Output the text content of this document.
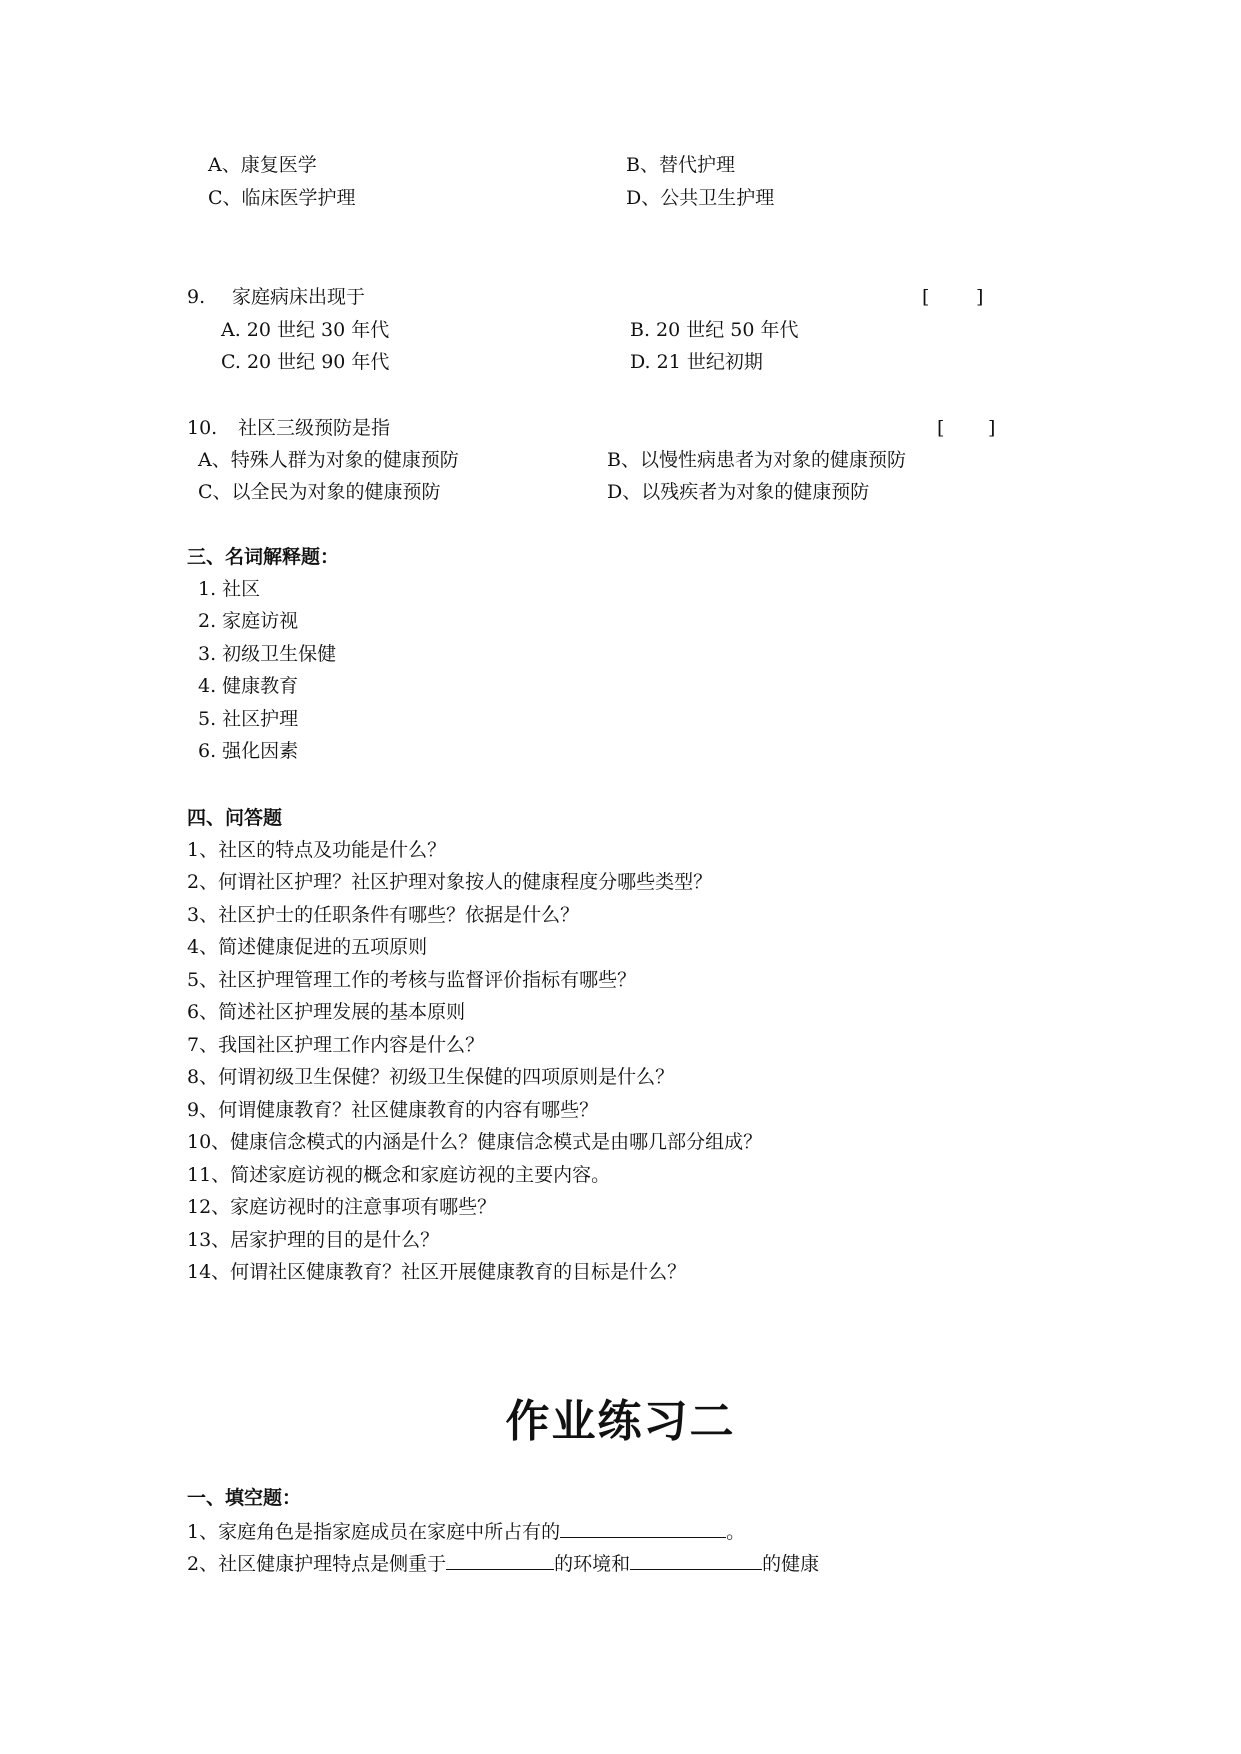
A、康复医学	B、替代护理
C、临床医学护理	D、公共卫生护理
9. 家庭病床出现于	[ ]
A. 20 世纪 30 年代	B. 20 世纪 50 年代
C. 20 世纪 90 年代	D. 21 世纪初期
10. 社区三级预防是指	[ ]
A、特殊人群为对象的健康预防	B、以慢性病患者为对象的健康预防
C、以全民为对象的健康预防	D、以残疾者为对象的健康预防
三、名词解释题：
1. 社区
2. 家庭访视
3. 初级卫生保健
4. 健康教育
5. 社区护理
6. 强化因素
四、问答题
1、社区的特点及功能是什么？
2、何谓社区护理？社区护理对象按人的健康程度分哪些类型？
3、社区护士的任职条件有哪些？依据是什么？
4、简述健康促进的五项原则
5、社区护理管理工作的考核与监督评价指标有哪些？
6、简述社区护理发展的基本原则
7、我国社区护理工作内容是什么？
8、何谓初级卫生保健？初级卫生保健的四项原则是什么？
9、何谓健康教育？社区健康教育的内容有哪些？
10、健康信念模式的内涵是什么？健康信念模式是由哪几部分组成？
11、简述家庭访视的概念和家庭访视的主要内容。
12、家庭访视时的注意事项有哪些？
13、居家护理的目的是什么？
14、何谓社区健康教育？社区开展健康教育的目标是什么？
作业练习二
一、填空题：
1、家庭角色是指家庭成员在家庭中所占有的	。
2、社区健康护理特点是侧重于	的环境和	的健康
